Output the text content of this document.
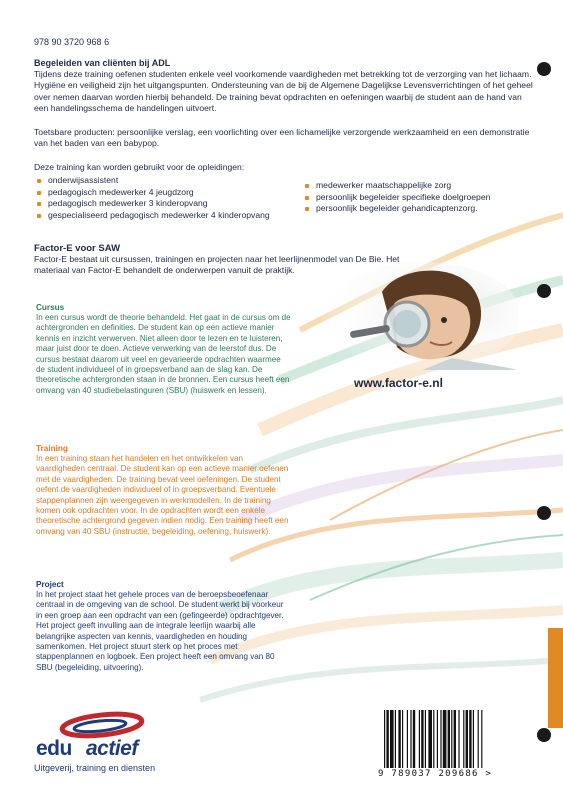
978 90 3720 968 6
Begeleiden van cliënten bij ADL
Tijdens deze training oefenen studenten enkele veel voorkomende vaardigheden met betrekking tot de verzorging van het lichaam. Hygiëne en veiligheid zijn het uitgangspunten. Ondersteuning van de bij de Algemene Dagelijkse Levensverrichtingen of het geheel over nemen daarvan worden hierbij behandeld. De training bevat opdrachten en oefeningen waarbij de student aan de hand van een handelingsschema de handelingen uitvoert.
Toetsbare producten: persoonlijke verslag, een voorlichting over een lichamelijke verzorgende werkzaamheid en een demonstratie van het baden van een babypop.
Deze training kan worden gebruikt voor de opleidingen:
onderwijsassistent
pedagogisch medewerker 4 jeugdzorg
pedagogisch medewerker 3 kinderopvang
gespecialiseerd pedagogisch medewerker 4 kinderopvang
medewerker maatschappelijke zorg
persoonlijk begeleider specifieke doelgroepen
persoonlijk begeleider gehandicaptenzorg.
Factor-E voor SAW
Factor-E bestaat uit cursussen, trainingen en projecten naar het leerlijnenmodel van De Bie. Het materiaal van Factor-E behandelt de onderwerpen vanuit de praktijk.
Cursus
In een cursus wordt de theorie behandeld. Het gaat in de cursus om de achtergronden en definities. De student kan op een actieve manier kennis en inzicht verwerven. Niet alleen door te lezen en te luisteren, maar juist door te doen. Actieve verwerking van de leerstof dus. De cursus bestaat daarom uit veel en gevarieerde opdrachten waarmee de student individueel of in groepsverband aan de slag kan. De theoretische achtergronden staan in de bronnen. Een cursus heeft een omvang van 40 studiebelastinguren (SBU) (huiswerk en lessen).
Training
In een training staan het handelen en het ontwikkelen van vaardigheden centraal. De student kan op een actieve manier oefenen met de vaardigheden. De training bevat veel oefeningen. De student oefent de vaardigheden individueel of in groepsverband. Eventuele stappenplannen zijn weergegeven in werkmodellen. In de training komen ook opdrachten voor. In de opdrachten wordt een enkele theoretische achtergrond gegeven indien nodig. Een training heeft een omvang van 40 SBU (instructie, begeleiding, oefening, huiswerk).
Project
In het project staat het gehele proces van de beroepsbeoefenaar centraal in de omgeving van de school. De student werkt bij voorkeur in een groep aan een opdracht van een (gefingeerde) opdrachtgever. Het project geeft invulling aan de integrale leerlijn waarbij alle belangrijke aspecten van kennis, vaardigheden en houding samenkomen. Het project stuurt sterk op het proces met stappenplannen en logboek. Een project heeft een omvang van 80 SBU (begeleiding, uitvoering).
www.factor-e.nl
edu actief
Uitgeverij, training en diensten
9 789037 209686 >
